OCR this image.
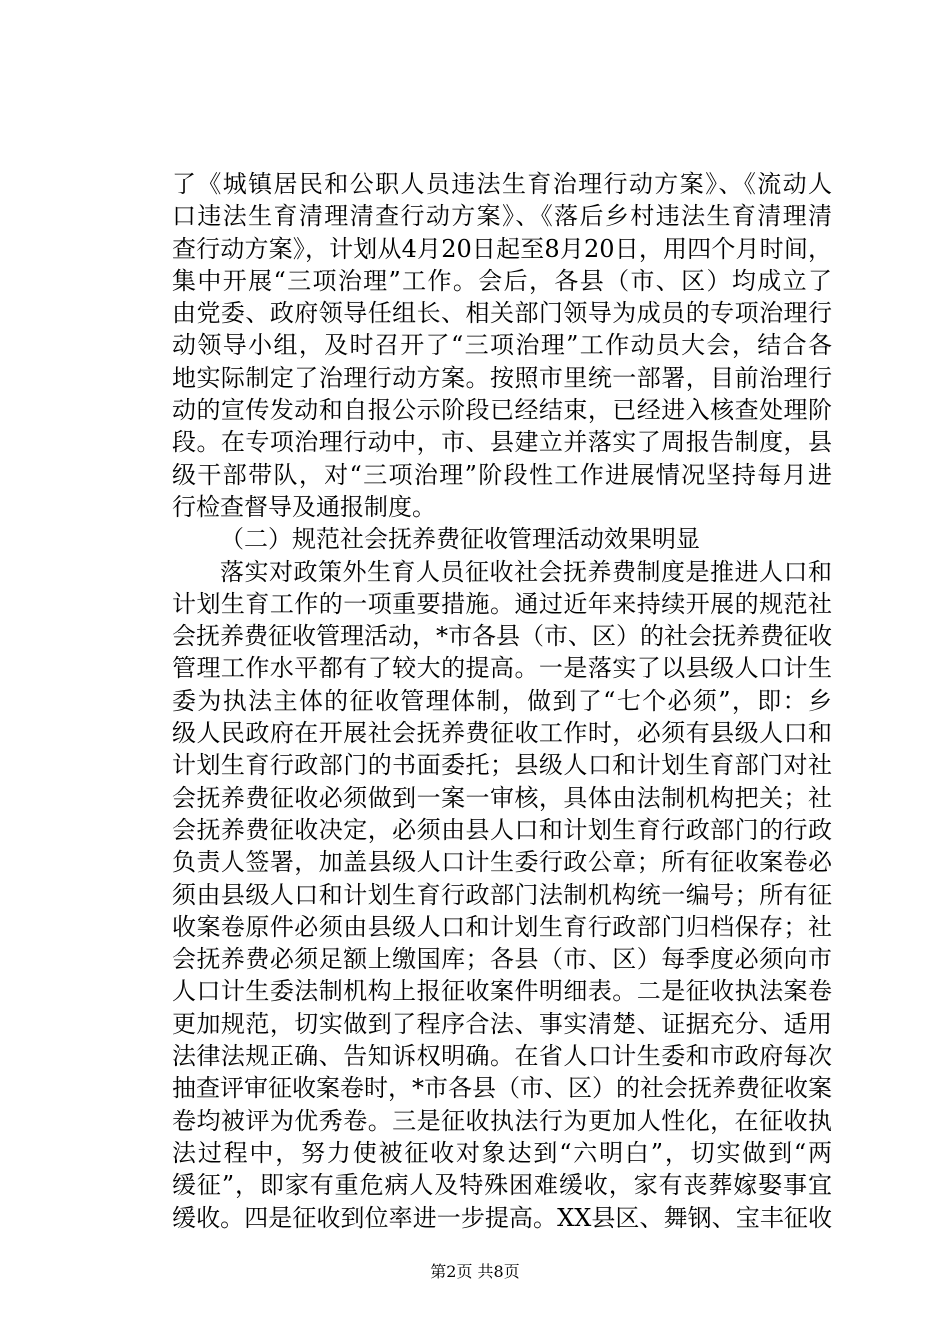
了《城镇居民和公职人员违法生育治理行动方案》、《流动人
口违法生育清理清查行动方案》、《落后乡村违法生育清理清
查行动方案》，计划从4月20日起至8月20日，用四个月时间，
集中开展“三项治理”工作。会后，各县（市、区）均成立了
由党委、政府领导任组长、相关部门领导为成员的专项治理行
动领导小组，及时召开了“三项治理”工作动员大会，结合各
地实际制定了治理行动方案。按照市里统一部署，目前治理行
动的宣传发动和自报公示阶段已经结束，已经进入核查处理阶
段。在专项治理行动中，市、县建立并落实了周报告制度，县
级干部带队，对“三项治理”阶段性工作进展情况坚持每月进
行检查督导及通报制度。
（二）规范社会抚养费征收管理活动效果明显
落实对政策外生育人员征收社会抚养费制度是推进人口和
计划生育工作的一项重要措施。通过近年来持续开展的规范社
会抚养费征收管理活动，*市各县（市、区）的社会抚养费征收
管理工作水平都有了较大的提高。一是落实了以县级人口计生
委为执法主体的征收管理体制，做到了“七个必须”，即：乡
级人民政府在开展社会抚养费征收工作时，必须有县级人口和
计划生育行政部门的书面委托；县级人口和计划生育部门对社
会抚养费征收必须做到一案一审核，具体由法制机构把关；社
会抚养费征收决定，必须由县人口和计划生育行政部门的行政
负责人签署，加盖县级人口计生委行政公章；所有征收案卷必
须由县级人口和计划生育行政部门法制机构统一编号；所有征
收案卷原件必须由县级人口和计划生育行政部门归档保存；社
会抚养费必须足额上缴国库；各县（市、区）每季度必须向市
人口计生委法制机构上报征收案件明细表。二是征收执法案卷
更加规范，切实做到了程序合法、事实清楚、证据充分、适用
法律法规正确、告知诉权明确。在省人口计生委和市政府每次
抽查评审征收案卷时，*市各县（市、区）的社会抚养费征收案
卷均被评为优秀卷。三是征收执法行为更加人性化，在征收执
法过程中，努力使被征收对象达到“六明白”，切实做到“两
缓征”，即家有重危病人及特殊困难缓收，家有丧葬嫁娶事宜
缓收。四是征收到位率进一步提高。XX县区、舞钢、宝丰征收
第2页 共8页
